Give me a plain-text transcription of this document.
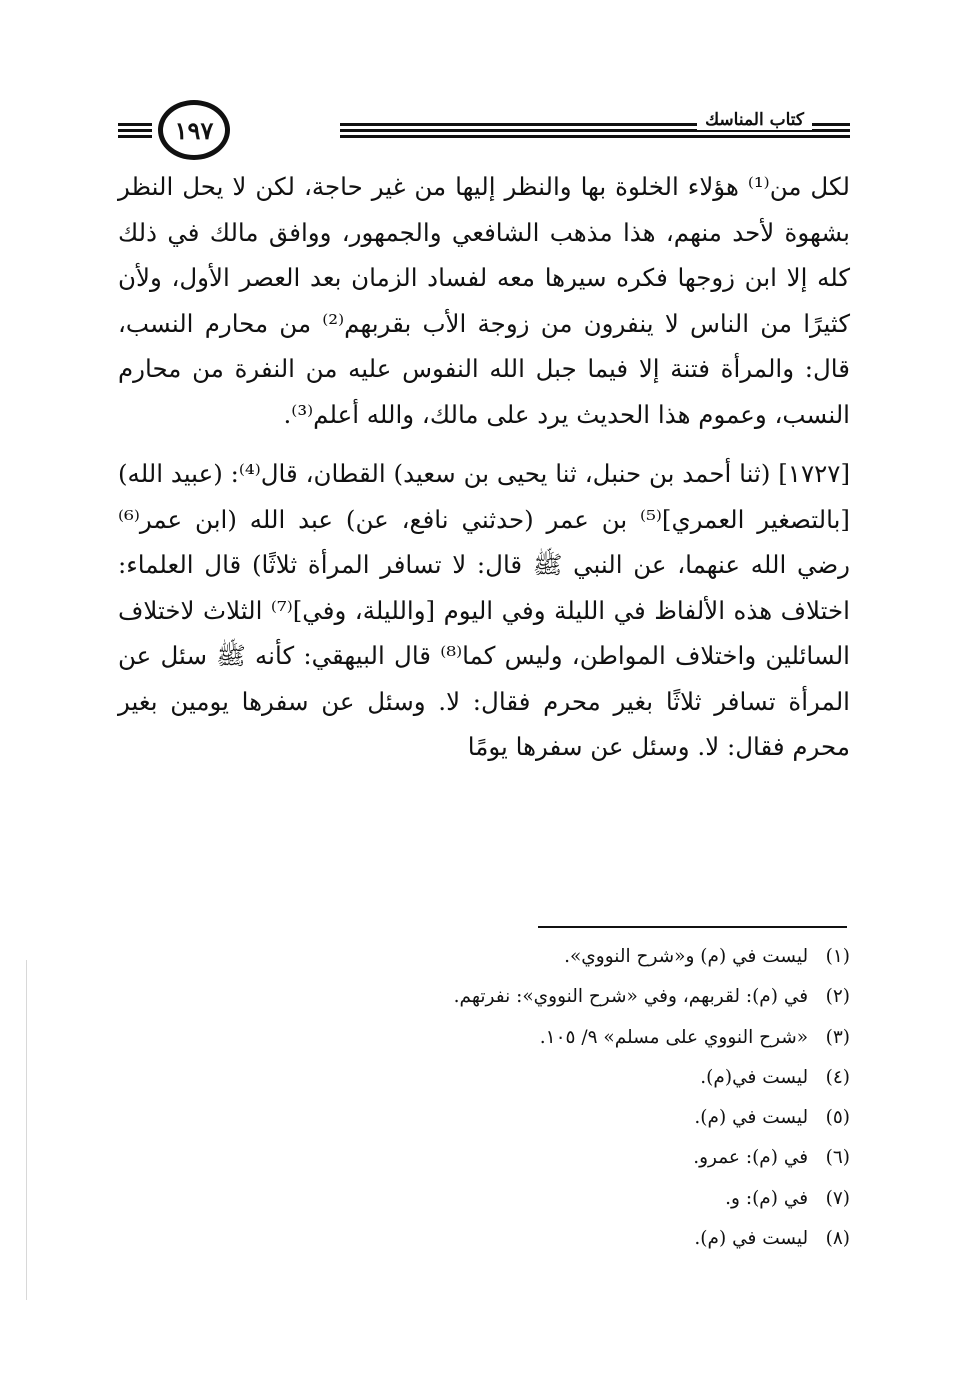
١٩٧	كتاب المناسك

لكل من⁽¹⁾ هؤلاء الخلوة بها والنظر إليها من غير حاجة، لكن لا يحل النظر بشهوة لأحد منهم، هذا مذهب الشافعي والجمهور، ووافق مالك في ذلك كله إلا ابن زوجها فكره سيرها معه لفساد الزمان بعد العصر الأول، ولأن كثيرًا من الناس لا ينفرون من زوجة الأب بقربهم⁽²⁾ من محارم النسب، قال: والمرأة فتنة إلا فيما جبل الله النفوس عليه من النفرة من محارم النسب، وعموم هذا الحديث يرد على مالك، والله أعلم⁽³⁾.

[١٧٢٧] (ثنا أحمد بن حنبل، ثنا يحيى بن سعيد) القطان، قال⁽⁴⁾: (عبيد الله) [بالتصغير العمري]⁽⁵⁾ بن عمر (حدثني نافع، عن) عبد الله (ابن عمر⁽⁶⁾ رضي الله عنهما، عن النبي ﷺ قال: لا تسافر المرأة ثلاثًا) قال العلماء: اختلاف هذه الألفاظ في الليلة وفي اليوم [والليلة، وفي]⁽⁷⁾ الثلاث لاختلاف السائلين واختلاف المواطن، وليس كما⁽⁸⁾ قال البيهقي: كأنه ﷺ سئل عن المرأة تسافر ثلاثًا بغير محرم فقال: لا. وسئل عن سفرها يومين بغير محرم فقال: لا. وسئل عن سفرها يومًا

(١) ليست في (م) و«شرح النووي».
(٢) في (م): لقربهم، وفي «شرح النووي»: نفرتهم.
(٣) «شرح النووي على مسلم» ٩/ ١٠٥.
(٤) ليست في(م).
(٥) ليست في (م).
(٦) في (م): عمرو.
(٧) في (م): و.
(٨) ليست في (م).
